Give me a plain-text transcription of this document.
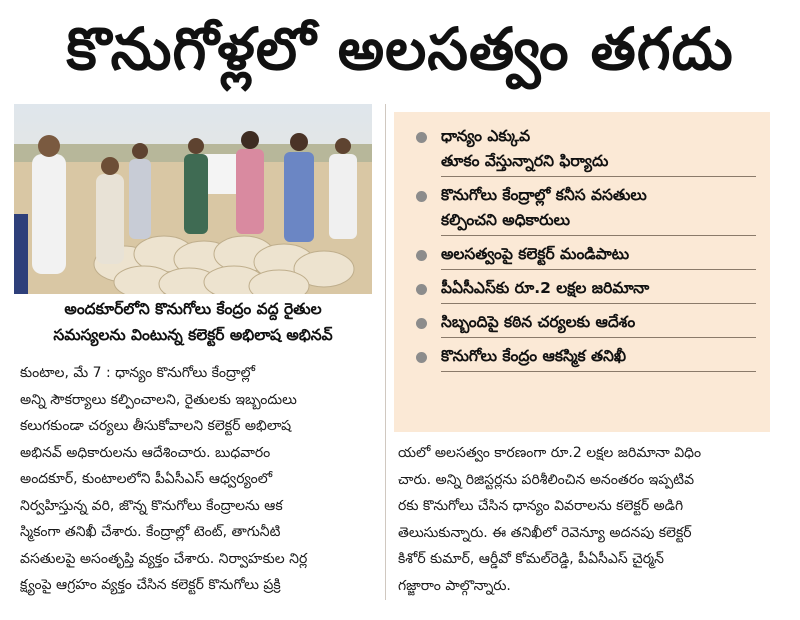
కొనుగోళ్లలో అలసత్వం తగదు
అందకూర్‌లోని కొనుగోలు కేంద్రం వద్ద రైతుల
సమస్యలను వింటున్న కలెక్టర్‌ అభిలాష అభినవ్‌
ధాన్యం ఎక్కువ
తూకం వేస్తున్నారని ఫిర్యాదు
కొనుగోలు కేంద్రాల్లో కనీస వసతులు
కల్పించని అధికారులు
అలసత్వంపై కలెక్టర్‌ మండిపాటు
పీఏసీఎస్‌కు రూ.2 లక్షల జరిమానా
సిబ్బందిపై కఠిన చర్యలకు ఆదేశం
కొనుగోలు కేంద్రం ఆకస్మిక తనిఖీ
కుంటాల, మే 7 : ధాన్యం కొనుగోలు కేంద్రాల్లో
అన్ని సౌకర్యాలు కల్పించాలని, రైతులకు ఇబ్బందులు
కలుగకుండా చర్యలు తీసుకోవాలని కలెక్టర్‌ అభిలాష
అభినవ్‌ అధికారులను ఆదేశించారు. బుధవారం
అందకూర్‌, కుంటాలలోని పీఏసీఎస్‌ ఆధ్వర్యంలో
నిర్వహిస్తున్న వరి, జొన్న కొనుగోలు కేంద్రాలను ఆక
స్మికంగా తనిఖీ చేశారు. కేంద్రాల్లో టెంట్‌, తాగునీటి
వసతులపై అసంతృప్తి వ్యక్తం చేశారు. నిర్వాహకుల నిర్ల
క్ష్యంపై ఆగ్రహం వ్యక్తం చేసిన కలెక్టర్‌ కొనుగోలు ప్రక్రి
యలో అలసత్వం కారణంగా రూ.2 లక్షల జరిమానా విధిం
చారు. అన్ని రిజిస్టర్లను పరిశీలించిన అనంతరం ఇప్పటివ
రకు కొనుగోలు చేసిన ధాన్యం వివరాలను కలెక్టర్‌ అడిగి
తెలుసుకున్నారు. ఈ తనిఖీలో రెవెన్యూ అదనపు కలెక్టర్‌
కిశోర్‌ కుమార్‌, ఆర్డీవో కోమల్‌రెడ్డి, పీఏసీఎస్‌ చైర్మన్‌
గజ్జారాం పాల్గొన్నారు.
